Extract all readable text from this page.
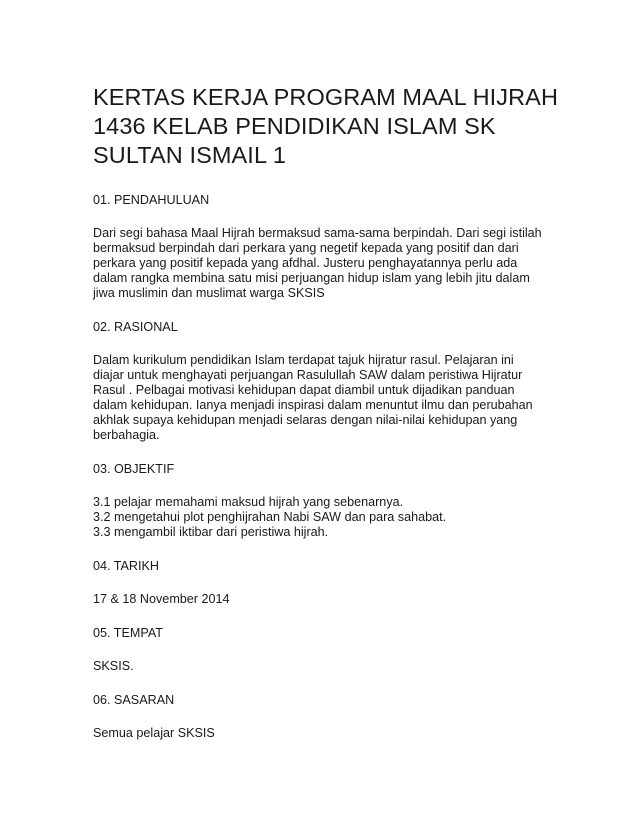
KERTAS KERJA PROGRAM MAAL HIJRAH
1436 KELAB PENDIDIKAN ISLAM SK
SULTAN ISMAIL 1
01. PENDAHULUAN
Dari segi bahasa Maal Hijrah bermaksud sama-sama berpindah. Dari segi istilah
bermaksud berpindah dari perkara yang negetif kepada yang positif dan dari
perkara yang positif kepada yang afdhal. Justeru penghayatannya perlu ada
dalam rangka membina satu misi perjuangan hidup islam yang lebih jitu dalam
jiwa muslimin dan muslimat warga SKSIS
02. RASIONAL
Dalam kurikulum pendidikan Islam terdapat tajuk hijratur rasul. Pelajaran ini
diajar untuk menghayati perjuangan Rasulullah SAW dalam peristiwa Hijratur
Rasul . Pelbagai motivasi kehidupan dapat diambil untuk dijadikan panduan
dalam kehidupan. Ianya menjadi inspirasi dalam menuntut ilmu dan perubahan
akhlak supaya kehidupan menjadi selaras dengan nilai-nilai kehidupan yang
berbahagia.
03. OBJEKTIF
3.1 pelajar memahami maksud hijrah yang sebenarnya.
3.2 mengetahui plot penghijrahan Nabi SAW dan para sahabat.
3.3 mengambil iktibar dari peristiwa hijrah.
04. TARIKH
17 & 18 November 2014
05. TEMPAT
SKSIS.
06. SASARAN
Semua pelajar SKSIS
